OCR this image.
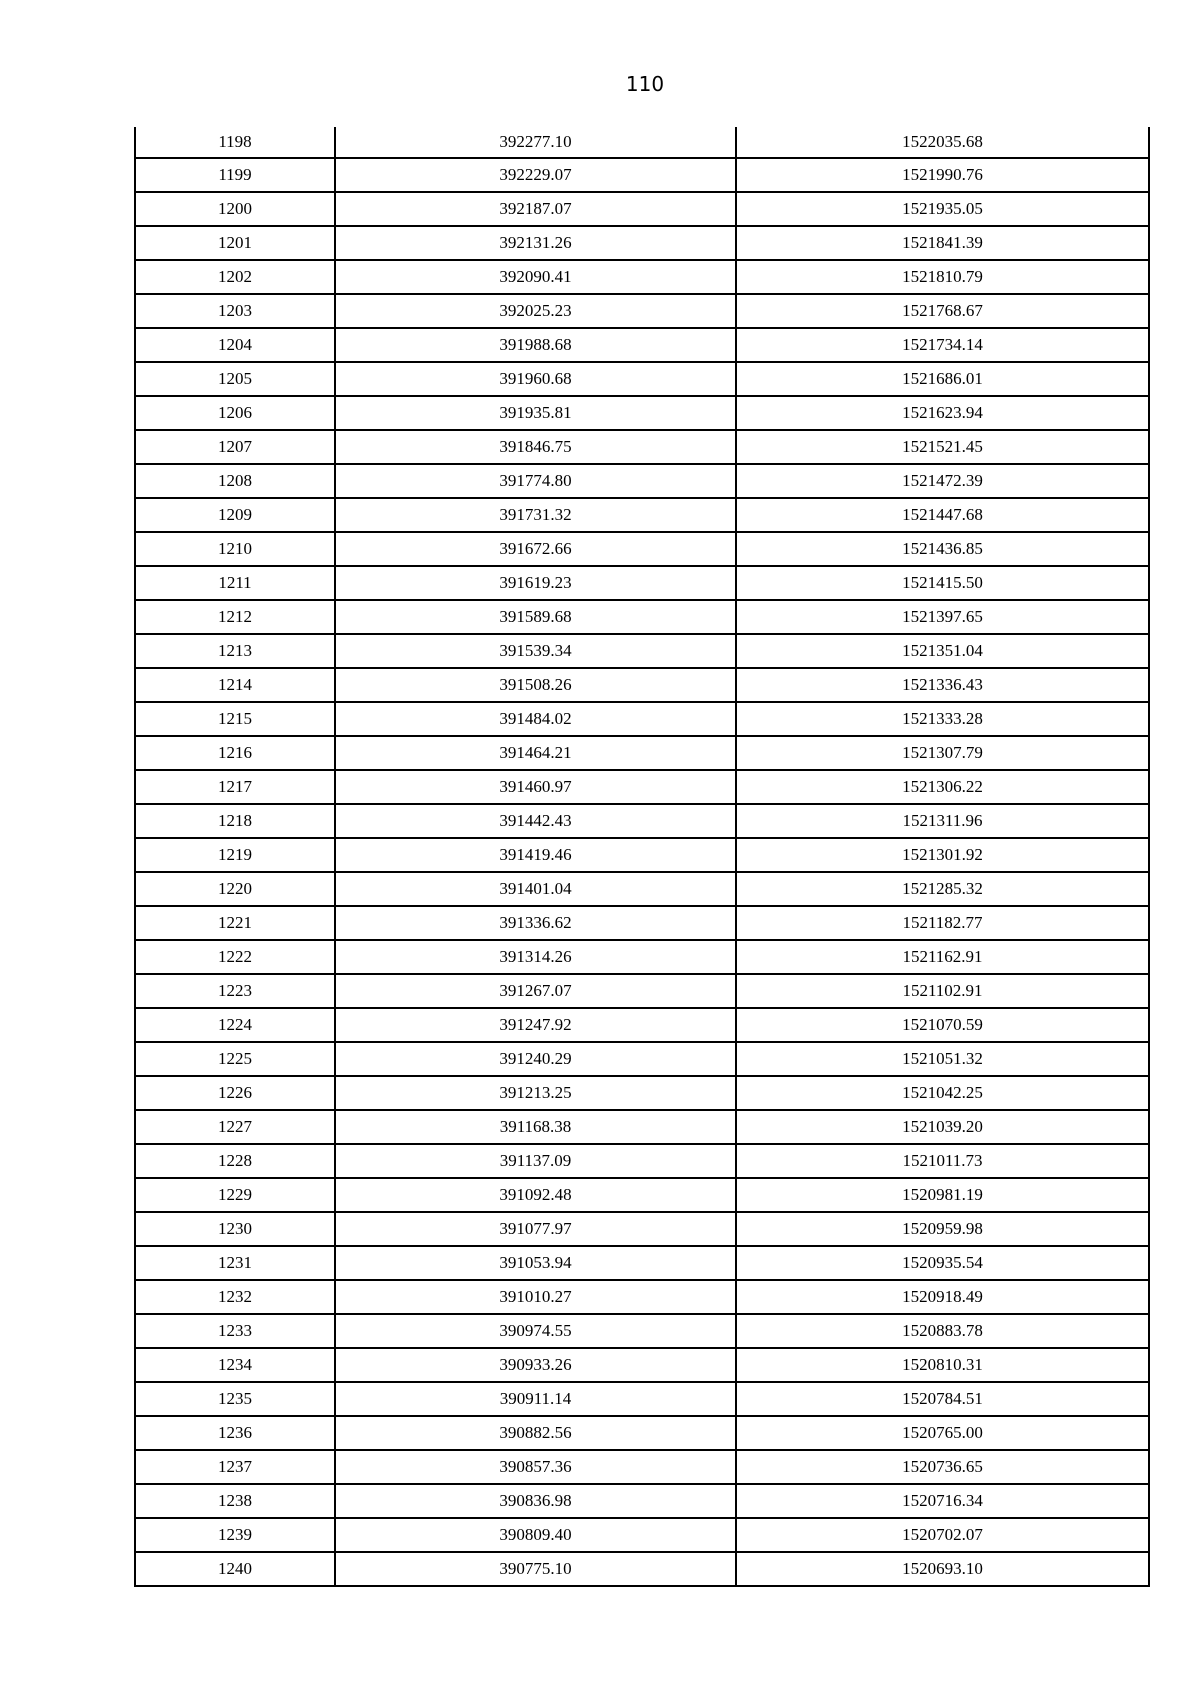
110
1198	392277.10	1522035.68
1199	392229.07	1521990.76
1200	392187.07	1521935.05
1201	392131.26	1521841.39
1202	392090.41	1521810.79
1203	392025.23	1521768.67
1204	391988.68	1521734.14
1205	391960.68	1521686.01
1206	391935.81	1521623.94
1207	391846.75	1521521.45
1208	391774.80	1521472.39
1209	391731.32	1521447.68
1210	391672.66	1521436.85
1211	391619.23	1521415.50
1212	391589.68	1521397.65
1213	391539.34	1521351.04
1214	391508.26	1521336.43
1215	391484.02	1521333.28
1216	391464.21	1521307.79
1217	391460.97	1521306.22
1218	391442.43	1521311.96
1219	391419.46	1521301.92
1220	391401.04	1521285.32
1221	391336.62	1521182.77
1222	391314.26	1521162.91
1223	391267.07	1521102.91
1224	391247.92	1521070.59
1225	391240.29	1521051.32
1226	391213.25	1521042.25
1227	391168.38	1521039.20
1228	391137.09	1521011.73
1229	391092.48	1520981.19
1230	391077.97	1520959.98
1231	391053.94	1520935.54
1232	391010.27	1520918.49
1233	390974.55	1520883.78
1234	390933.26	1520810.31
1235	390911.14	1520784.51
1236	390882.56	1520765.00
1237	390857.36	1520736.65
1238	390836.98	1520716.34
1239	390809.40	1520702.07
1240	390775.10	1520693.10
